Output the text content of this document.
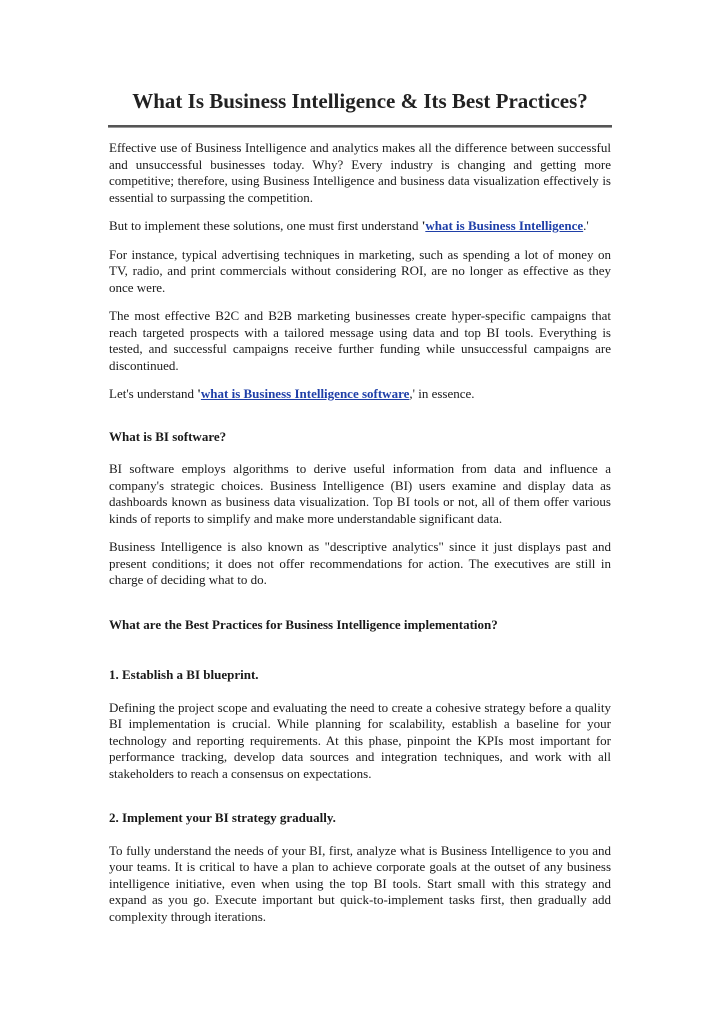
What Is Business Intelligence & Its Best Practices?

Effective use of Business Intelligence and analytics makes all the difference between successful and unsuccessful businesses today. Why? Every industry is changing and getting more competitive; therefore, using Business Intelligence and business data visualization effectively is essential to surpassing the competition.

But to implement these solutions, one must first understand 'what is Business Intelligence.'

For instance, typical advertising techniques in marketing, such as spending a lot of money on TV, radio, and print commercials without considering ROI, are no longer as effective as they once were.

The most effective B2C and B2B marketing businesses create hyper-specific campaigns that reach targeted prospects with a tailored message using data and top BI tools. Everything is tested, and successful campaigns receive further funding while unsuccessful campaigns are discontinued.

Let's understand 'what is Business Intelligence software,' in essence.

What is BI software?

BI software employs algorithms to derive useful information from data and influence a company's strategic choices. Business Intelligence (BI) users examine and display data as dashboards known as business data visualization. Top BI tools or not, all of them offer various kinds of reports to simplify and make more understandable significant data.

Business Intelligence is also known as "descriptive analytics" since it just displays past and present conditions; it does not offer recommendations for action. The executives are still in charge of deciding what to do.

What are the Best Practices for Business Intelligence implementation?
1. Establish a BI blueprint.

Defining the project scope and evaluating the need to create a cohesive strategy before a quality BI implementation is crucial. While planning for scalability, establish a baseline for your technology and reporting requirements. At this phase, pinpoint the KPIs most important for performance tracking, develop data sources and integration techniques, and work with all stakeholders to reach a consensus on expectations.

2. Implement your BI strategy gradually.

To fully understand the needs of your BI, first, analyze what is Business Intelligence to you and your teams. It is critical to have a plan to achieve corporate goals at the outset of any business intelligence initiative, even when using the top BI tools. Start small with this strategy and expand as you go. Execute important but quick-to-implement tasks first, then gradually add complexity through iterations.
